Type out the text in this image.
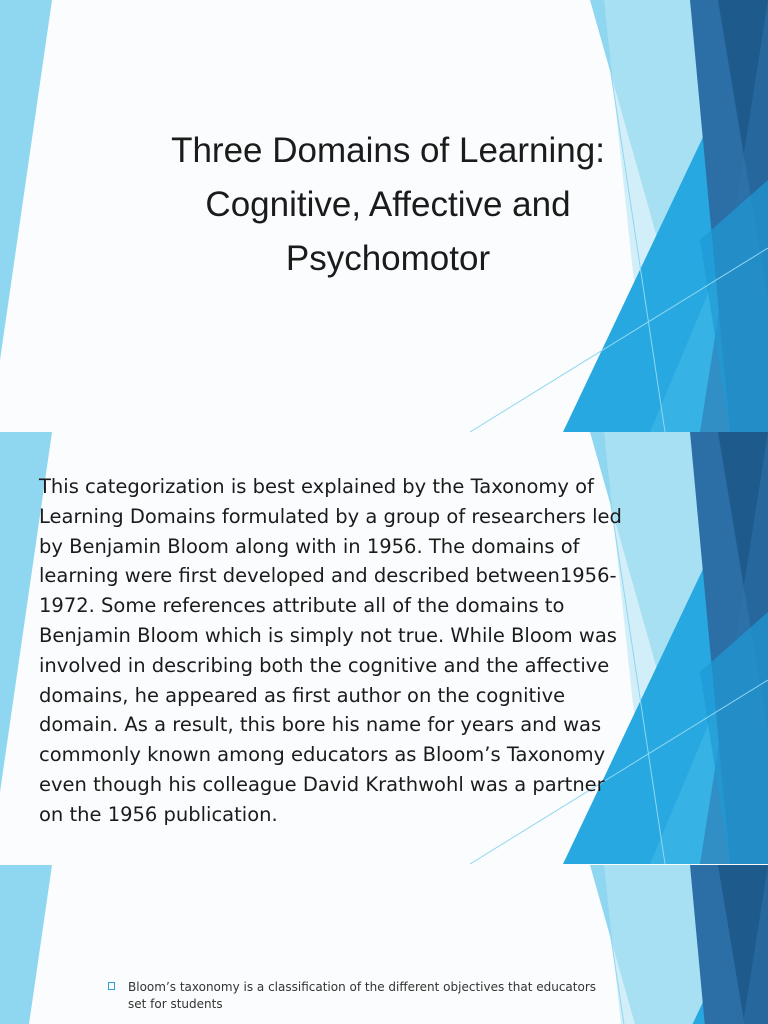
Three Domains of Learning:
Cognitive, Affective and
Psychomotor

This categorization is best explained by the Taxonomy of
Learning Domains formulated by a group of researchers led
by Benjamin Bloom along with in 1956. The domains of
learning were first developed and described between1956-
1972. Some references attribute all of the domains to
Benjamin Bloom which is simply not true. While Bloom was
involved in describing both the cognitive and the affective
domains, he appeared as first author on the cognitive
domain. As a result, this bore his name for years and was
commonly known among educators as Bloom’s Taxonomy
even though his colleague David Krathwohl was a partner
on the 1956 publication.

Bloom’s taxonomy is a classification of the different objectives that educators
set for students
